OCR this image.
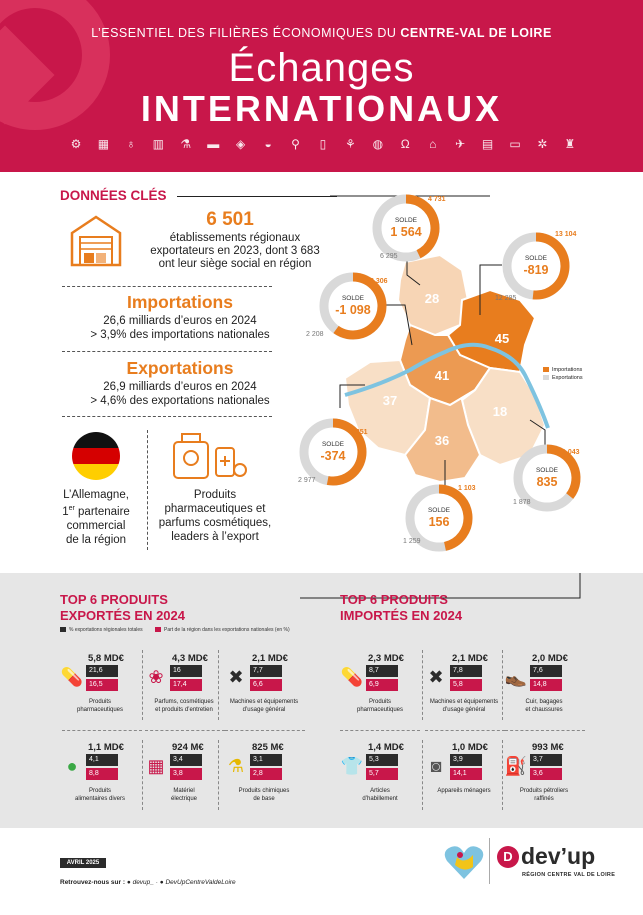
L’ESSENTIEL DES FILIÈRES ÉCONOMIQUES DU CENTRE-VAL DE LOIRE
Échanges
INTERNATIONAUX
⚙ ▦ ♁ ▥ ⚗ ▬ ◈	◒	⚲	▯	⚘ ◍ Ω	⌂	✈ ▤ ▭ ✲ ♜
DONNÉES CLÉS
6 501
établissements régionaux
exportateurs en 2023, dont 3 683
ont leur siège social en région
Importations
26,6 milliards d’euros en 2024
> 3,9% des importations nationales
Exportations
26,9 milliards d’euros en 2024
> 4,6% des exportations nationales
L’Allemagne,
1er partenaire
commercial
de la région
Produits
pharmaceutiques et
parfums cosmétiques,
leaders à l’export
28
45
41
37
18
36
SOLDE
1 564
4 731
6 295	SOLDE
-819
13 104
12 285
SOLDE
-1 098
3 306
2 208
SOLDE
-374
3 351
2 977
SOLDE
835
1 043
1 878
SOLDE
156
1 103
1 259
Importations
Exportations
TOP 6 PRODUITS
EXPORTÉS EN 2024
TOP 6 PRODUITS
IMPORTÉS EN 2024
% exportations régionales totales	Part de la région dans les exportations nationales (en %)
5,8 MD€
21,6
16,5
💊
Produits
pharmaceutiques
4,3 MD€
16
17,4
❀
Parfums, cosmétiques
et produits d’entretien
2,1 MD€
7,7
6,6
✖
Machines et équipements
d’usage général
1,1 MD€
4,1
8,8
●
Produits
alimentaires divers
924 M€
3,4
3,8
▦
Matériel
électrique
825 M€
3,1
2,8
⚗
Produits chimiques
de base
2,3 MD€
8,7
6,9
💊
Produits
pharmaceutiques
2,1 MD€
7,8
5,8
✖
Machines et équipements
d’usage général
2,0 MD€
7,6
14,8
👞
Cuir, bagages
et chaussures
1,4 MD€
5,3
5,7
👕
Articles
d’habillement
1,0 MD€
3,9
14,1
◙
Appareils ménagers
993 M€
3,7
3,6
⛽
Produits pétroliers
raffinés
AVRIL 2025
Retrouvez-nous sur : ● devup_ · ● DevUpCentreValdeLoire
D dev’up
RÉGION CENTRE VAL DE LOIRE
